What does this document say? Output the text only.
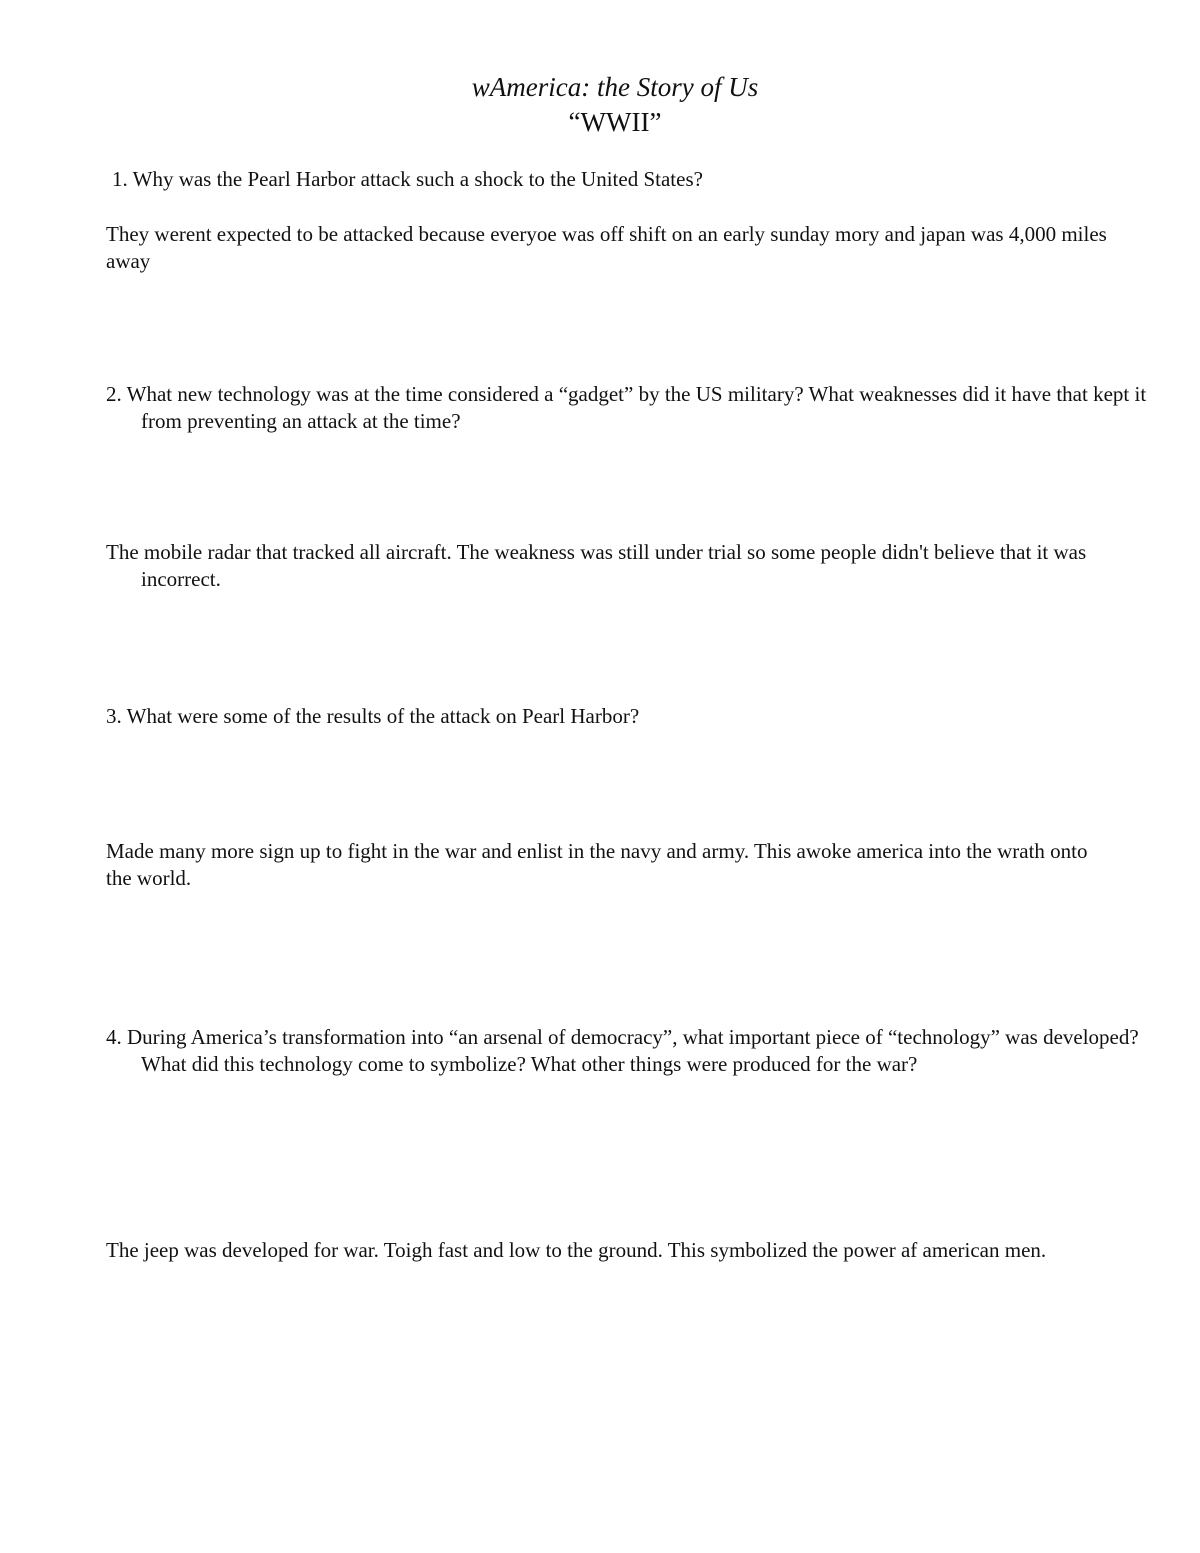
wAmerica: the Story of Us
“WWII”
1. Why was the Pearl Harbor attack such a shock to the United States?
They werent expected to be attacked because everyoe was off shift on an early sunday mory and japan was 4,000 miles away
2. What new technology was at the time considered a “gadget” by the US military? What weaknesses did it have that kept it from preventing an attack at the time?
The mobile radar that tracked all aircraft. The weakness was still under trial so some people didn't believe that it was incorrect.
3. What were some of the results of the attack on Pearl Harbor?
Made many more sign up to fight in the war and enlist in the navy and army. This awoke america into the wrath onto the world.
4. During America’s transformation into “an arsenal of democracy”, what important piece of “technology” was developed? What did this technology come to symbolize? What other things were produced for the war?
The jeep was developed for war. Toigh fast and low to the ground. This symbolized the power af american men.
